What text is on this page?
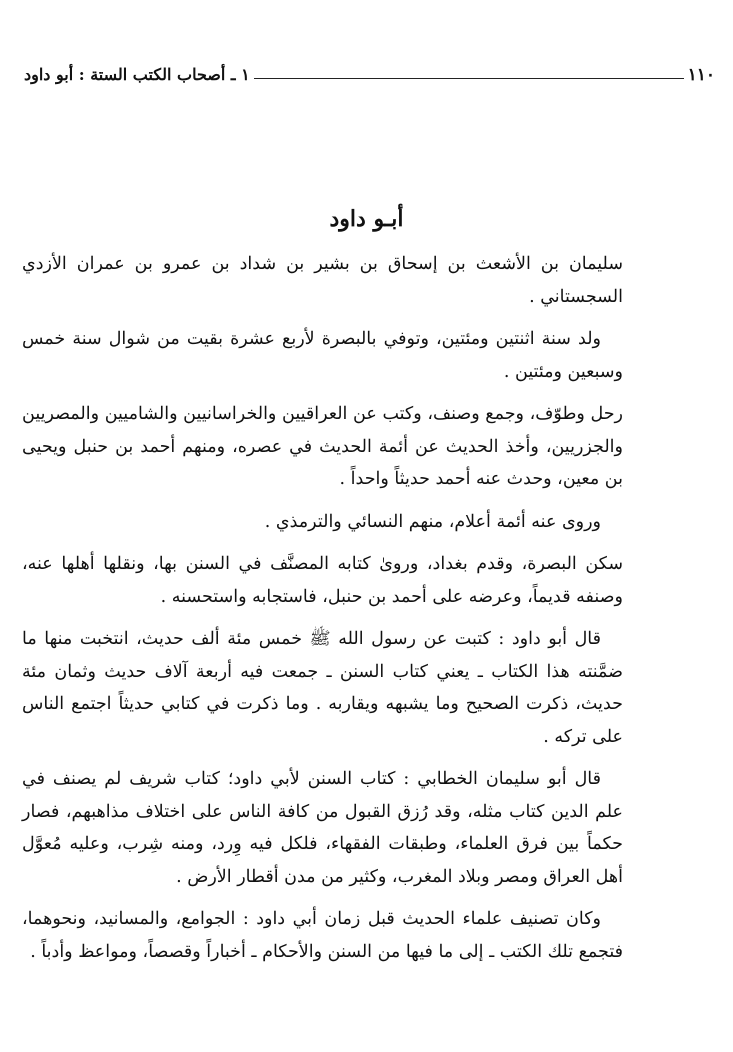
١١٠
١ ـ أصحاب الكتب الستة : أبو داود
أبـو داود

سليمان بن الأشعث بن إسحاق بن بشير بن شداد بن عمرو بن عمران الأزدي السجستاني .

ولد سنة اثنتين ومئتين، وتوفي بالبصرة لأربع عشرة بقيت من شوال سنة خمس وسبعين ومئتين .

رحل وطوّف، وجمع وصنف، وكتب عن العراقيين والخراسانيين والشاميين والمصريين والجزريين، وأخذ الحديث عن أئمة الحديث في عصره، ومنهم أحمد بن حنبل ويحيى بن معين، وحدث عنه أحمد حديثاً واحداً .

وروى عنه أئمة أعلام، منهم النسائي والترمذي .

سكن البصرة، وقدم بغداد، وروىٰ كتابه المصنَّف في السنن بها، ونقلها أهلها عنه، وصنفه قديماً، وعرضه على أحمد بن حنبل، فاستجابه واستحسنه .

قال أبو داود : كتبت عن رسول الله ﷺ خمس مئة ألف حديث، انتخبت منها ما ضمَّنته هذا الكتاب ـ يعني كتاب السنن ـ جمعت فيه أربعة آلاف حديث وثمان مئة حديث، ذكرت الصحيح وما يشبهه ويقاربه . وما ذكرت في كتابي حديثاً اجتمع الناس على تركه .

قال أبو سليمان الخطابي : كتاب السنن لأبي داود؛ كتاب شريف لم يصنف في علم الدين كتاب مثله، وقد رُزق القبول من كافة الناس على اختلاف مذاهبهم، فصار حكماً بين فرق العلماء، وطبقات الفقهاء، فلكل فيه وِرد، ومنه شِرب، وعليه مُعوَّل أهل العراق ومصر وبلاد المغرب، وكثير من مدن أقطار الأرض .

وكان تصنيف علماء الحديث قبل زمان أبي داود : الجوامع، والمسانيد، ونحوهما، فتجمع تلك الكتب ـ إلى ما فيها من السنن والأحكام ـ أخباراً وقصصاً، ومواعظ وأدباً .
